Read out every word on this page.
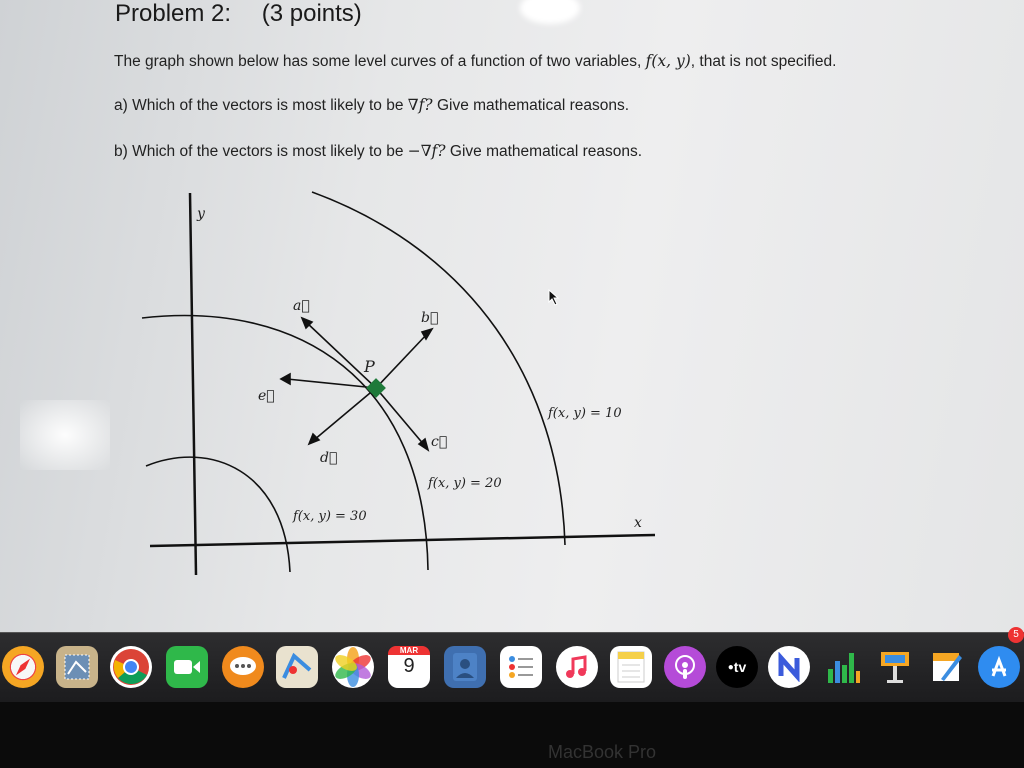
Problem 2: (3 points)
The graph shown below has some level curves of a function of two variables, f(x, y), that is not specified.
a) Which of the vectors is most likely to be ∇f? Give mathematical reasons.
b) Which of the vectors is most likely to be −∇f? Give mathematical reasons.
y
x
P
a⃗
b⃗
c⃗
d⃗
e⃗
f(x, y) = 10
f(x, y) = 20
f(x, y) = 30
MAR
9	● tv
5
MacBook Pro
